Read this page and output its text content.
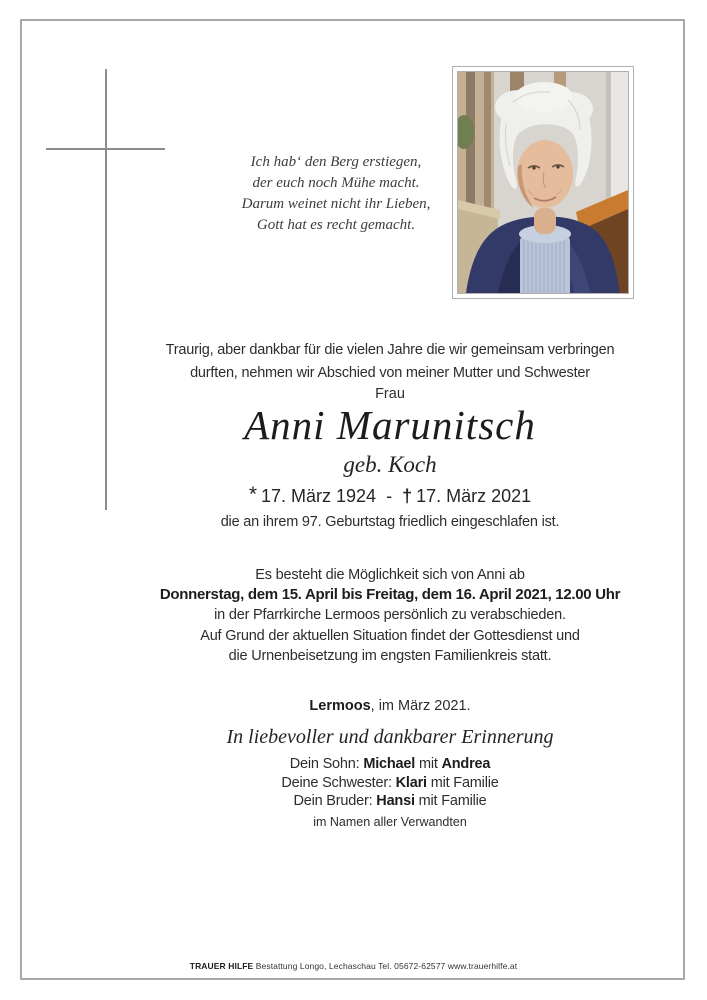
Ich hab‘ den Berg erstiegen,
der euch noch Mühe macht.
Darum weinet nicht ihr Lieben,
Gott hat es recht gemacht.
Traurig, aber dankbar für die vielen Jahre die wir gemeinsam verbringen
durften, nehmen wir Abschied von meiner Mutter und Schwester
Frau
Anni Marunitsch
geb. Koch
* 17. März 1924 - † 17. März 2021
die an ihrem 97. Geburtstag friedlich eingeschlafen ist.
Es besteht die Möglichkeit sich von Anni ab
Donnerstag, dem 15. April bis Freitag, dem 16. April 2021, 12.00 Uhr
in der Pfarrkirche Lermoos persönlich zu verabschieden.
Auf Grund der aktuellen Situation findet der Gottesdienst und
die Urnenbeisetzung im engsten Familienkreis statt.
Lermoos, im März 2021.
In liebevoller und dankbarer Erinnerung
Dein Sohn: Michael mit Andrea
Deine Schwester: Klari mit Familie
Dein Bruder: Hansi mit Familie
im Namen aller Verwandten
TRAUER HILFE Bestattung Longo, Lechaschau Tel. 05672-62577 www.trauerhilfe.at
